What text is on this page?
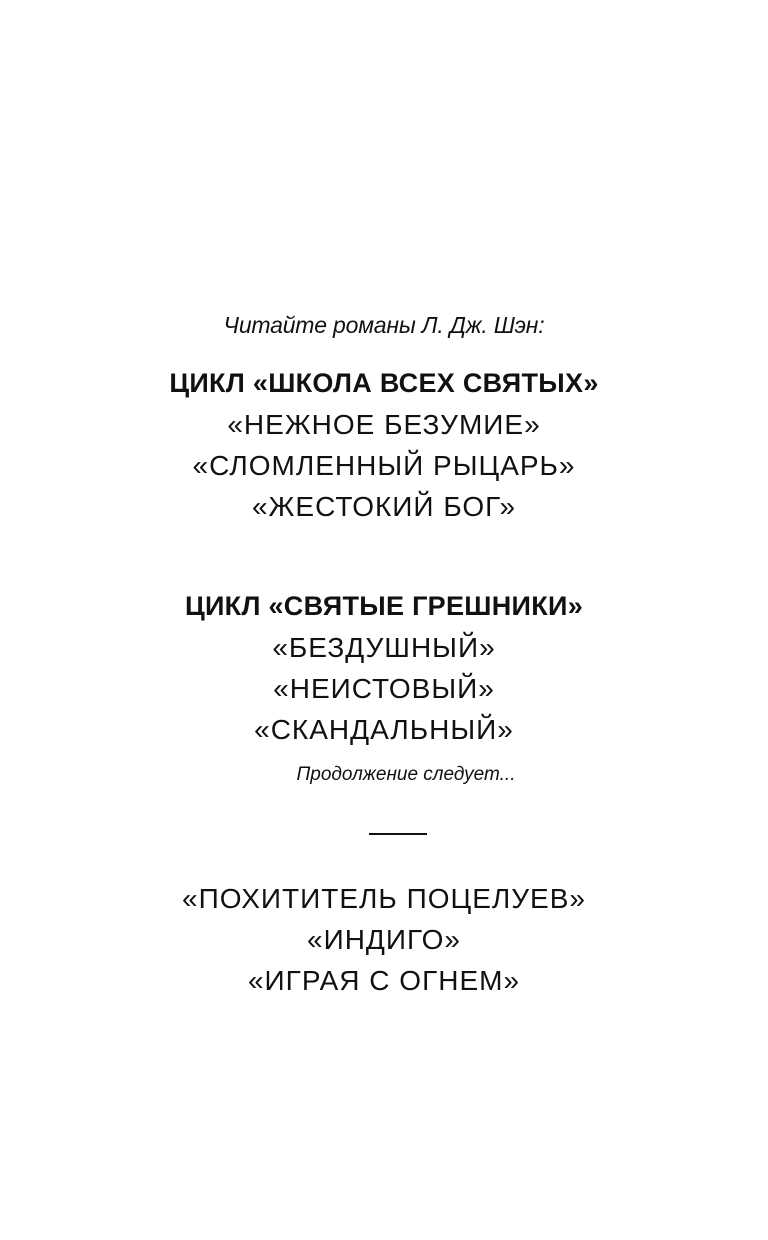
Читайте романы Л. Дж. Шэн:

ЦИКЛ «ШКОЛА ВСЕХ СВЯТЫХ»

«НЕЖНОЕ БЕЗУМИЕ»

«СЛОМЛЕННЫЙ РЫЦАРЬ»

«ЖЕСТОКИЙ БОГ»

ЦИКЛ «СВЯТЫЕ ГРЕШНИКИ»

«БЕЗДУШНЫЙ»

«НЕИСТОВЫЙ»

«СКАНДАЛЬНЫЙ»

Продолжение следует...

«ПОХИТИТЕЛЬ ПОЦЕЛУЕВ»

«ИНДИГО»

«ИГРАЯ С ОГНЕМ»
